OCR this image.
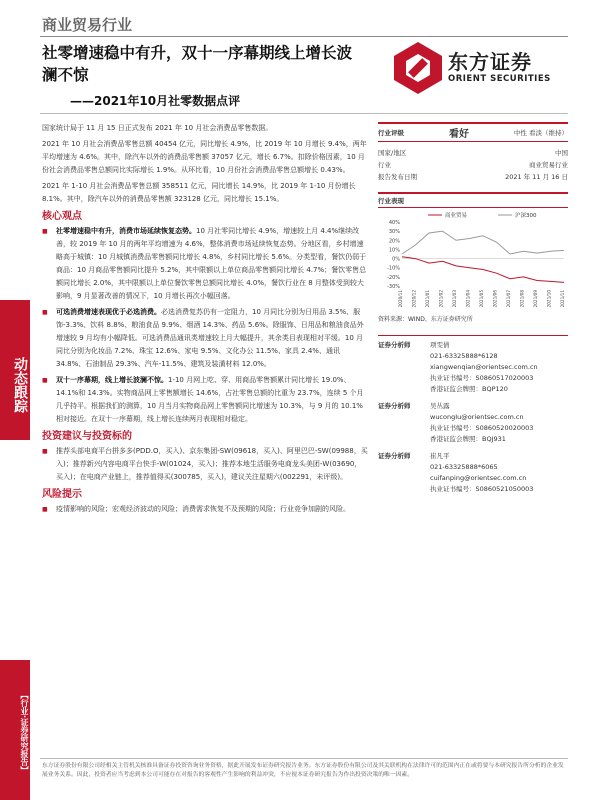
商业贸易行业
社零增速稳中有升，双十一序幕期线上增长波澜不惊
——2021年10月社零数据点评
东方证券
ORIENT SECURITIES

国家统计局于 11 月 15 日正式发布 2021 年 10 月社会消费品零售数据。

2021 年 10 月社会消费品零售总额 40454 亿元，同比增长 4.9%，比 2019 年 10 月增长 9.4%，两年平均增速为 4.6%。其中，除汽车以外的消费品零售额 37057 亿元，增长 6.7%。扣除价格因素，10 月份社会消费品零售总额同比实际增长 1.9%。从环比看，10 月份社会消费品零售总额增长 0.43%。

2021 年 1-10 月社会消费品零售总额 358511 亿元，同比增长 14.9%，比 2019 年 1-10 月份增长 8.1%。其中，除汽车以外的消费品零售额 323128 亿元，同比增长 15.1%。

核心观点

■ 社零增速稳中有升，消费市场延续恢复态势。10 月社零同比增长 4.9%，增速较上月 4.4%继续改善，较 2019 年 10 月的两年平均增速为 4.6%，整体消费市场延续恢复态势。分地区看，乡村增速略高于城镇：10 月城镇消费品零售额同比增长 4.8%，乡村同比增长 5.6%。分类型看，餐饮仍弱于商品：10 月商品零售额同比提升 5.2%，其中限额以上单位商品零售额同比增长 4.7%；餐饮零售总额同比增长 2.0%，其中限额以上单位餐饮零售总额同比增长 4.0%，餐饮行业在 8 月整体受到较大影响，9 月显著改善的情况下，10 月增长再次小幅回落。

■ 可选消费增速表现优于必选消费。必选消费复苏仍有一定阻力，10 月同比分别为日用品 3.5%、服饰-3.3%、饮料 8.8%、粮油食品 9.9%、烟酒 14.3%、药品 5.6%。除服饰、日用品和粮油食品外增速较 9 月均有小幅降低。可选消费品通讯类增速较上月大幅提升，其余类目表现相对平缓。10 月同比分别为化妆品 7.2%、珠宝 12.6%、家电 9.5%、文化办公 11.5%、家具 2.4%、通讯 34.8%、石油制品 29.3%、汽车-11.5%、建筑及装潢材料 12.0%。

■ 双十一序幕期，线上增长波澜不惊。1-10 月网上吃、穿、用商品零售额累计同比增长 19.0%、14.1%和 14.3%。实物商品网上零售额增长 14.6%，占社零售总额的比重为 23.7%，连续 5 个月几乎持平。根据我们的测算，10 月当月实物商品网上零售额同比增速为 10.3%，与 9 月的 10.1%相对接近。在双十一序幕期，线上增长连续两月表现相对稳定。

投资建议与投资标的

■ 推荐头部电商平台拼多多(PDD.O，买入)、京东集团-SW(09618，买入)、阿里巴巴-SW(09988，买入)；推荐新兴内容电商平台快手-W(01024，买入)；推荐本地生活服务电商龙头美团-W(03690，买入)；在电商产业链上，推荐值得买(300785，买入)，建议关注星期六(002291，未评级)。

风险提示

■ 疫情影响的风险；宏观经济波动的风险；消费需求恢复不及预期的风险；行业竞争加剧的风险。

行业评级	看好	中性 看淡（维持）
国家/地区	中国
行业	商业贸易行业
报告发布日期	2021 年 11 月 16 日
行业表现
40%
30%
20%
10%
0%
-10%
-20%
-30%
2020/11 2020/12 2021/01 2021/02 2021/03 2021/04 2021/05 2021/06 2021/07 2021/08 2021/09 2021/10 2021/11
商业贸易	沪深300
资料来源：WIND、东方证券研究所
证券分析师	项雯倩
021-63325888*6128
xiangwenqian@orientsec.com.cn
执业证书编号：S0860517020003
香港证监会牌照：BQP120
证券分析师	吴丛露
wucongIu@orientsec.com.cn
执业证书编号：S0860520020003
香港证监会牌照：BQJ931
证券分析师	崔凡平
021-63325888*6065
cuifanping@orientsec.com.cn
执业证书编号：S0860521050003
动态跟踪
【行业·证券研究报告】 东方证券股份有限公司经相关主管机关核准具备证券投资咨询业务资格，据此开展发布证券研究报告业务。东方证券股份有限公司及其关联机构在法律许可的范围内正在或将要与本研究报告所分析的企业发展业务关系。因此，投资者应当考虑到本公司可能存在对报告的客观性产生影响的利益冲突，不应视本证券研究报告为作出投资决策的唯一因素。
